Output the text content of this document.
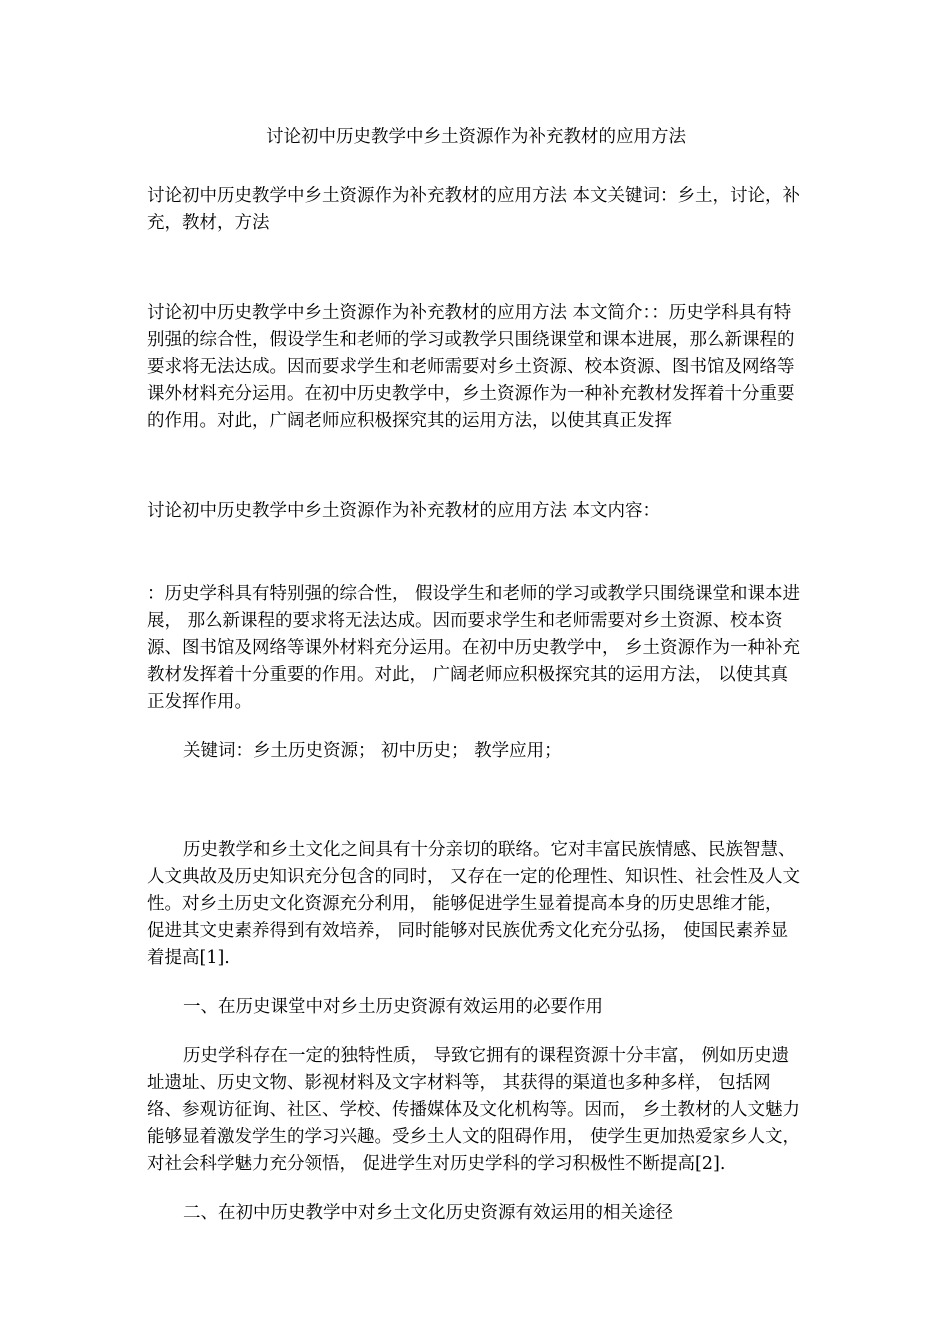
讨论初中历史教学中乡土资源作为补充教材的应用方法

讨论初中历史教学中乡土资源作为补充教材的应用方法 本文关键词：乡土，讨论，补充，教材，方法

讨论初中历史教学中乡土资源作为补充教材的应用方法 本文简介：：历史学科具有特别强的综合性，假设学生和老师的学习或教学只围绕课堂和课本进展，那么新课程的要求将无法达成。因而要求学生和老师需要对乡土资源、校本资源、图书馆及网络等课外材料充分运用。在初中历史教学中，乡土资源作为一种补充教材发挥着十分重要的作用。对此，广阔老师应积极探究其的运用方法，以使其真正发挥

讨论初中历史教学中乡土资源作为补充教材的应用方法 本文内容：

：历史学科具有特别强的综合性， 假设学生和老师的学习或教学只围绕课堂和课本进展， 那么新课程的要求将无法达成。因而要求学生和老师需要对乡土资源、校本资源、图书馆及网络等课外材料充分运用。在初中历史教学中， 乡土资源作为一种补充教材发挥着十分重要的作用。对此， 广阔老师应积极探究其的运用方法， 以使其真正发挥作用。

关键词：乡土历史资源； 初中历史； 教学应用；

历史教学和乡土文化之间具有十分亲切的联络。它对丰富民族情感、民族智慧、人文典故及历史知识充分包含的同时， 又存在一定的伦理性、知识性、社会性及人文性。对乡土历史文化资源充分利用， 能够促进学生显着提高本身的历史思维才能， 促进其文史素养得到有效培养， 同时能够对民族优秀文化充分弘扬， 使国民素养显着提高[1].

一、在历史课堂中对乡土历史资源有效运用的必要作用

历史学科存在一定的独特性质， 导致它拥有的课程资源十分丰富， 例如历史遗址遗址、历史文物、影视材料及文字材料等， 其获得的渠道也多种多样， 包括网络、参观访征询、社区、学校、传播媒体及文化机构等。因而， 乡土教材的人文魅力能够显着激发学生的学习兴趣。受乡土人文的阻碍作用， 使学生更加热爱家乡人文， 对社会科学魅力充分领悟， 促进学生对历史学科的学习积极性不断提高[2].

二、在初中历史教学中对乡土文化历史资源有效运用的相关途径
